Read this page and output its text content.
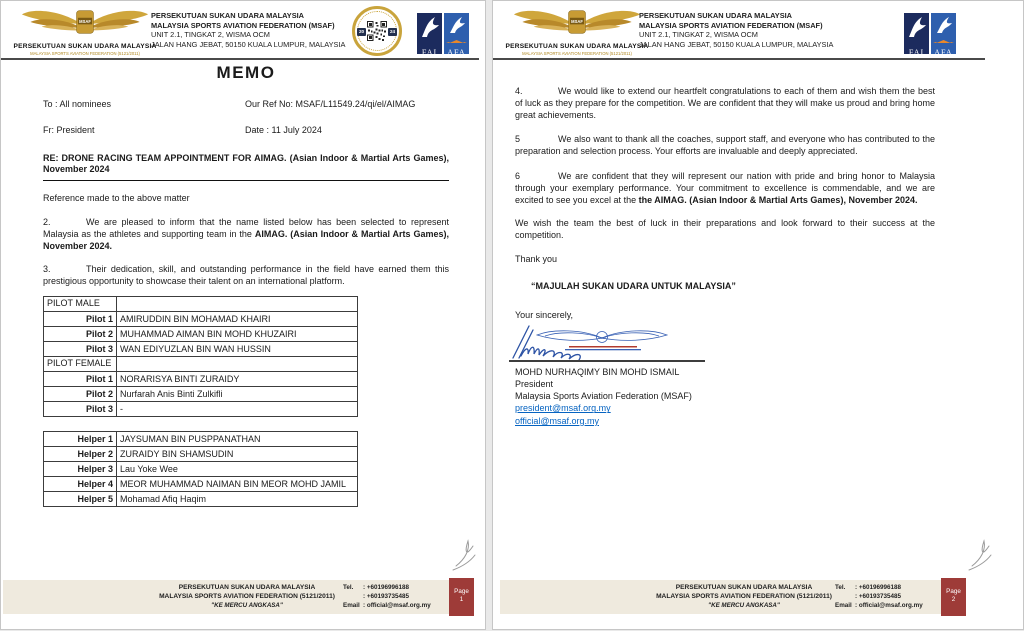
MSAF
PERSEKUTUAN SUKAN UDARA MALAYSIA
MALAYSIA SPORTS AVIATION FEDERATION (5121/2011)
PERSEKUTUAN SUKAN UDARA MALAYSIA
MALAYSIA SPORTS AVIATION FEDERATION (MSAF)
UNIT 2.1, TINGKAT 2, WISMA OCM
JALAN HANG JEBAT, 50150 KUALA LUMPUR, MALAYSIA
20	24
FAI	AFA
MEMO
To : All nominees	Our Ref No: MSAF/L11549.24/qi/el/AIMAG
Fr: President	Date : 11 July 2024
RE: DRONE RACING TEAM APPOINTMENT FOR AIMAG. (Asian Indoor & Martial Arts Games), November 2024
Reference made to the above matter
2.	We are pleased to inform that the name listed below has been selected to represent Malaysia as the athletes and supporting team in the AIMAG. (Asian Indoor & Martial Arts Games), November 2024.
3.	Their dedication, skill, and outstanding performance in the field have earned them this prestigious opportunity to showcase their talent on an international platform.
PILOT MALE	
Pilot 1	AMIRUDDIN BIN MOHAMAD KHAIRI
Pilot 2	MUHAMMAD AIMAN BIN MOHD KHUZAIRI
Pilot 3	WAN EDIYUZLAN BIN WAN HUSSIN
PILOT FEMALE	
Pilot 1	NORARISYA BINTI ZURAIDY
Pilot 2	Nurfarah Anis Binti Zulkifli
Pilot 3	-
Helper 1	JAYSUMAN BIN PUSPPANATHAN
Helper 2	ZURAIDY BIN SHAMSUDIN
Helper 3	Lau Yoke Wee
Helper 4	MEOR MUHAMMAD NAIMAN BIN MEOR MOHD JAMIL
Helper 5	Mohamad Afiq Haqim
PERSEKUTUAN SUKAN UDARA MALAYSIA
MALAYSIA SPORTS AVIATION FEDERATION (5121/2011)
"KE MERCU ANGKASA"
Tel. : +60196996188
: +60193735485
Email : official@msaf.org.my
Page
1
MSAF
PERSEKUTUAN SUKAN UDARA MALAYSIA
MALAYSIA SPORTS AVIATION FEDERATION (5121/2011)
PERSEKUTUAN SUKAN UDARA MALAYSIA
MALAYSIA SPORTS AVIATION FEDERATION (MSAF)
UNIT 2.1, TINGKAT 2, WISMA OCM
JALAN HANG JEBAT, 50150 KUALA LUMPUR, MALAYSIA
FAI	AFA
4.	We would like to extend our heartfelt congratulations to each of them and wish them the best of luck as they prepare for the competition. We are confident that they will make us proud and bring home great achievements.
5	We also want to thank all the coaches, support staff, and everyone who has contributed to the preparation and selection process. Your efforts are invaluable and deeply appreciated.
6	We are confident that they will represent our nation with pride and bring honor to Malaysia through your exemplary performance. Your commitment to excellence is commendable, and we are excited to see you excel at the the AIMAG. (Asian Indoor & Martial Arts Games), November 2024.
We wish the team the best of luck in their preparations and look forward to their success at the competition.
Thank you
“MAJULAH SUKAN UDARA UNTUK MALAYSIA”
Your sincerely,
msaf
MOHD NURHAQIMY BIN MOHD ISMAIL
President
Malaysia Sports Aviation Federation (MSAF)
president@msaf.org.my
official@msaf.org.my
PERSEKUTUAN SUKAN UDARA MALAYSIA
MALAYSIA SPORTS AVIATION FEDERATION (5121/2011)
"KE MERCU ANGKASA"
Tel. : +60196996188
: +60193735485
Email : official@msaf.org.my
Page
2
